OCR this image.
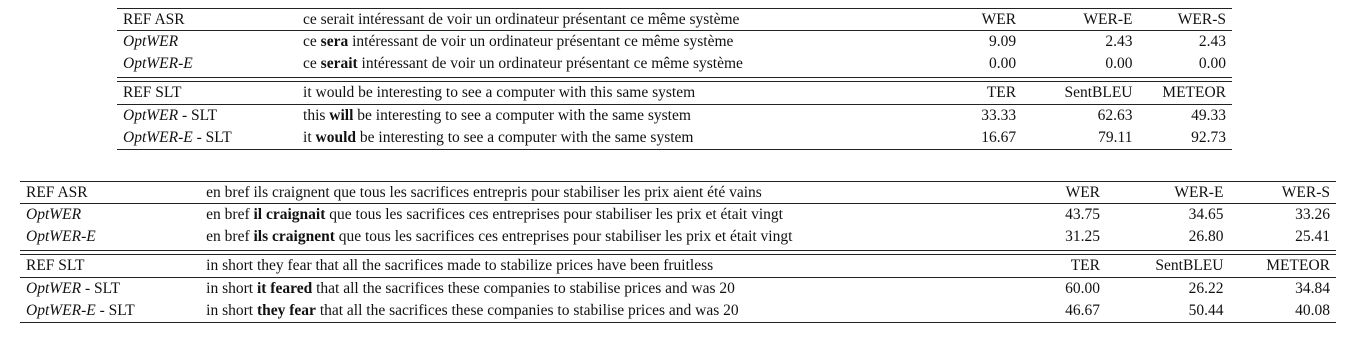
REF ASR	ce serait intéressant de voir un ordinateur présentant ce même système	WER	WER-E	WER-S
OptWER	ce sera intéressant de voir un ordinateur présentant ce même système	9.09	2.43	2.43
OptWER-E	ce serait intéressant de voir un ordinateur présentant ce même système	0.00	0.00	0.00
REF SLT	it would be interesting to see a computer with this same system	TER	SentBLEU	METEOR
OptWER - SLT	this will be interesting to see a computer with the same system	33.33	62.63	49.33
OptWER-E - SLT	it would be interesting to see a computer with the same system	16.67	79.11	92.73
REF ASR	en bref ils craignent que tous les sacrifices entrepris pour stabiliser les prix aient été vains	WER	WER-E	WER-S
OptWER	en bref il craignait que tous les sacrifices ces entreprises pour stabiliser les prix et était vingt	43.75	34.65	33.26
OptWER-E	en bref ils craignent que tous les sacrifices ces entreprises pour stabiliser les prix et était vingt	31.25	26.80	25.41
REF SLT	in short they fear that all the sacrifices made to stabilize prices have been fruitless	TER	SentBLEU	METEOR
OptWER - SLT	in short it feared that all the sacrifices these companies to stabilise prices and was 20	60.00	26.22	34.84
OptWER-E - SLT	in short they fear that all the sacrifices these companies to stabilise prices and was 20	46.67	50.44	40.08
